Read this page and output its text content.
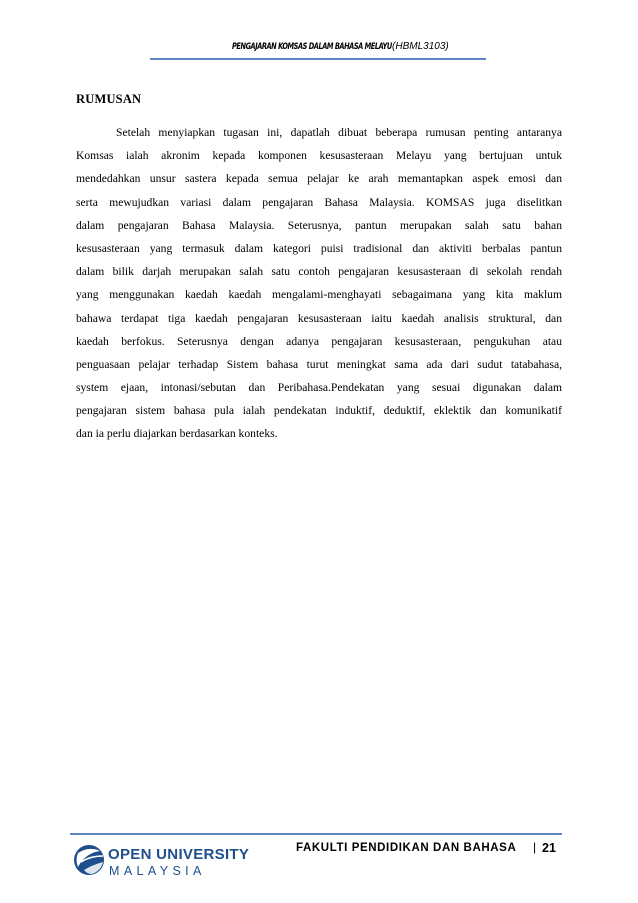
PENGAJARAN KOMSAS DALAM BAHASA MELAYU(HBML3103)
RUMUSAN
Setelah menyiapkan tugasan ini, dapatlah dibuat beberapa rumusan penting antaranya
Komsas ialah akronim kepada komponen kesusasteraan Melayu yang bertujuan untuk
mendedahkan unsur sastera kepada semua pelajar ke arah memantapkan aspek emosi dan
serta mewujudkan variasi dalam pengajaran Bahasa Malaysia. KOMSAS juga diselitkan
dalam pengajaran Bahasa Malaysia. Seterusnya, pantun merupakan salah satu bahan
kesusasteraan yang termasuk dalam kategori puisi tradisional dan aktiviti berbalas pantun
dalam bilik darjah merupakan salah satu contoh pengajaran kesusasteraan di sekolah rendah
yang menggunakan kaedah kaedah mengalami-menghayati sebagaimana yang kita maklum
bahawa terdapat tiga kaedah pengajaran kesusasteraan iaitu kaedah analisis struktural, dan
kaedah berfokus. Seterusnya dengan adanya pengajaran kesusasteraan, pengukuhan atau
penguasaan pelajar terhadap Sistem bahasa turut meningkat sama ada dari sudut tatabahasa,
system ejaan, intonasi/sebutan dan Peribahasa.Pendekatan yang sesuai digunakan dalam
pengajaran sistem bahasa pula ialah pendekatan induktif, deduktif, eklektik dan komunikatif
dan ia perlu diajarkan berdasarkan konteks.
OPEN UNIVERSITY
MALAYSIA
FAKULTI PENDIDIKAN DAN BAHASA | 21
